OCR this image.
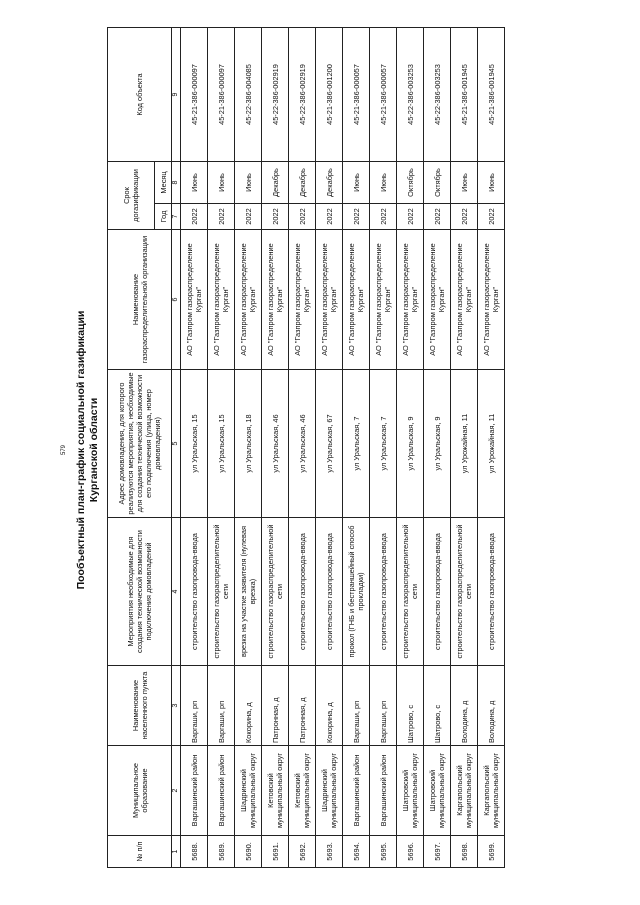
579 Пообъектный план-график социальной газификации Курганской области
№ п/п	Муниципальное образование	Наименование населенного пункта	Мероприятия необходимые для создания технической возможности подключения домовладений	Адрес домовладения, для которого реализуются мероприятия, необходимые для создания технической возможности его подключения (улица, номер домовладения)	Наименование газораспределительной организации	Срок догазификации		Код объекта
						Год	Месяц	
1	2	3	4	5	6	7	8	9
5688.	Варгашинский район	Варгаши, рп	строительство газопровода-ввода	ул Уральская, 15	АО "Газпром газораспределение Курган"	2022	Июнь	45-21-386-000097
5689.	Варгашинский район	Варгаши, рп	строительство газораспределительной сети	ул Уральская, 15	АО "Газпром газораспределение Курган"	2022	Июнь	45-21-386-000097
5690.	Шадринский муниципальный округ	Кокорина, д	врезка на участке заявителя (нулевая врезка)	ул Уральская, 18	АО "Газпром газораспределение Курган"	2022	Июнь	45-22-386-004085
5691.	Кетовский муниципальный округ	Патронная, д	строительство газораспределительной сети	ул Уральская, 46	АО "Газпром газораспределение Курган"	2022	Декабрь	45-22-386-002919
5692.	Кетовский муниципальный округ	Патронная, д	строительство газопровода-ввода	ул Уральская, 46	АО "Газпром газораспределение Курган"	2022	Декабрь	45-22-386-002919
5693.	Шадринский муниципальный округ	Кокорина, д	строительство газопровода-ввода	ул Уральская, 67	АО "Газпром газораспределение Курган"	2022	Декабрь	45-21-386-001200
5694.	Варгашинский район	Варгаши, рп	прокол (ГНБ и бестраншейный способ прокладки)	ул Уральская, 7	АО "Газпром газораспределение Курган"	2022	Июнь	45-21-386-000057
5695.	Варгашинский район	Варгаши, рп	строительство газопровода-ввода	ул Уральская, 7	АО "Газпром газораспределение Курган"	2022	Июнь	45-21-386-000057
5696.	Шатровский муниципальный округ	Шатрово, с	строительство газораспределительной сети	ул Уральская, 9	АО "Газпром газораспределение Курган"	2022	Октябрь	45-22-386-003253
5697.	Шатровский муниципальный округ	Шатрово, с	строительство газопровода-ввода	ул Уральская, 9	АО "Газпром газораспределение Курган"	2022	Октябрь	45-22-386-003253
5698.	Каргапольский муниципальный округ	Володина, д	строительство газораспределительной сети	ул Урожайная, 11	АО "Газпром газораспределение Курган"	2022	Июнь	45-21-386-001945
5699.	Каргапольский муниципальный округ	Володина, д	строительство газопровода-ввода	ул Урожайная, 11	АО "Газпром газораспределение Курган"	2022	Июнь	45-21-386-001945
